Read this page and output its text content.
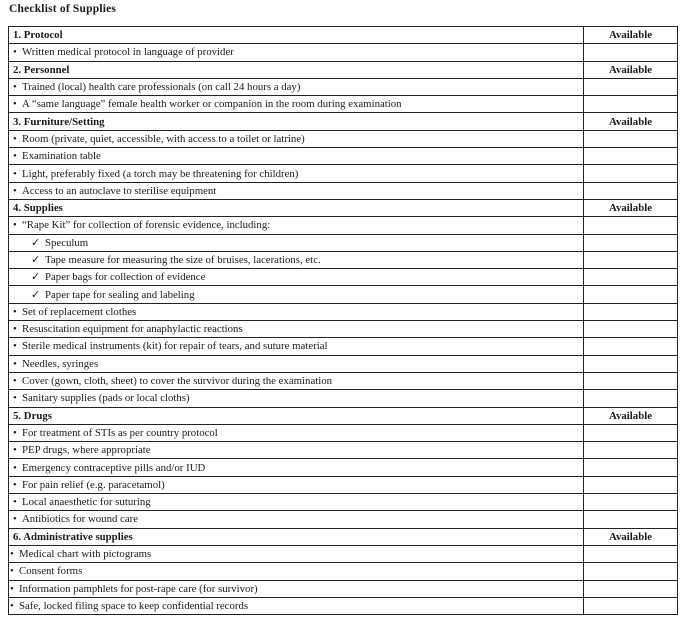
Checklist of Supplies
1. Protocol	Available
• Written medical protocol in language of provider	
2. Personnel	Available
• Trained (local) health care professionals (on call 24 hours a day)	
• A “same language” female health worker or companion in the room during examination	
3. Furniture/Setting	Available
• Room (private, quiet, accessible, with access to a toilet or latrine)	
• Examination table	
• Light, preferably fixed (a torch may be threatening for children)	
• Access to an autoclave to sterilise equipment	
4. Supplies	Available
• “Rape Kit” for collection of forensic evidence, including:	
✓ Speculum	
✓ Tape measure for measuring the size of bruises, lacerations, etc.	
✓ Paper bags for collection of evidence	
✓ Paper tape for sealing and labeling	
• Set of replacement clothes	
• Resuscitation equipment for anaphylactic reactions	
• Sterile medical instruments (kit) for repair of tears, and suture material	
• Needles, syringes	
• Cover (gown, cloth, sheet) to cover the survivor during the examination	
• Sanitary supplies (pads or local cloths)	
5. Drugs	Available
• For treatment of STIs as per country protocol	
• PEP drugs, where appropriate	
• Emergency contraceptive pills and/or IUD	
• For pain relief (e.g. paracetamol)	
• Local anaesthetic for suturing	
• Antibiotics for wound care	
6. Administrative supplies	Available
• Medical chart with pictograms	
• Consent forms	
• Information pamphlets for post-rape care (for survivor)	
• Safe, locked filing space to keep confidential records	
